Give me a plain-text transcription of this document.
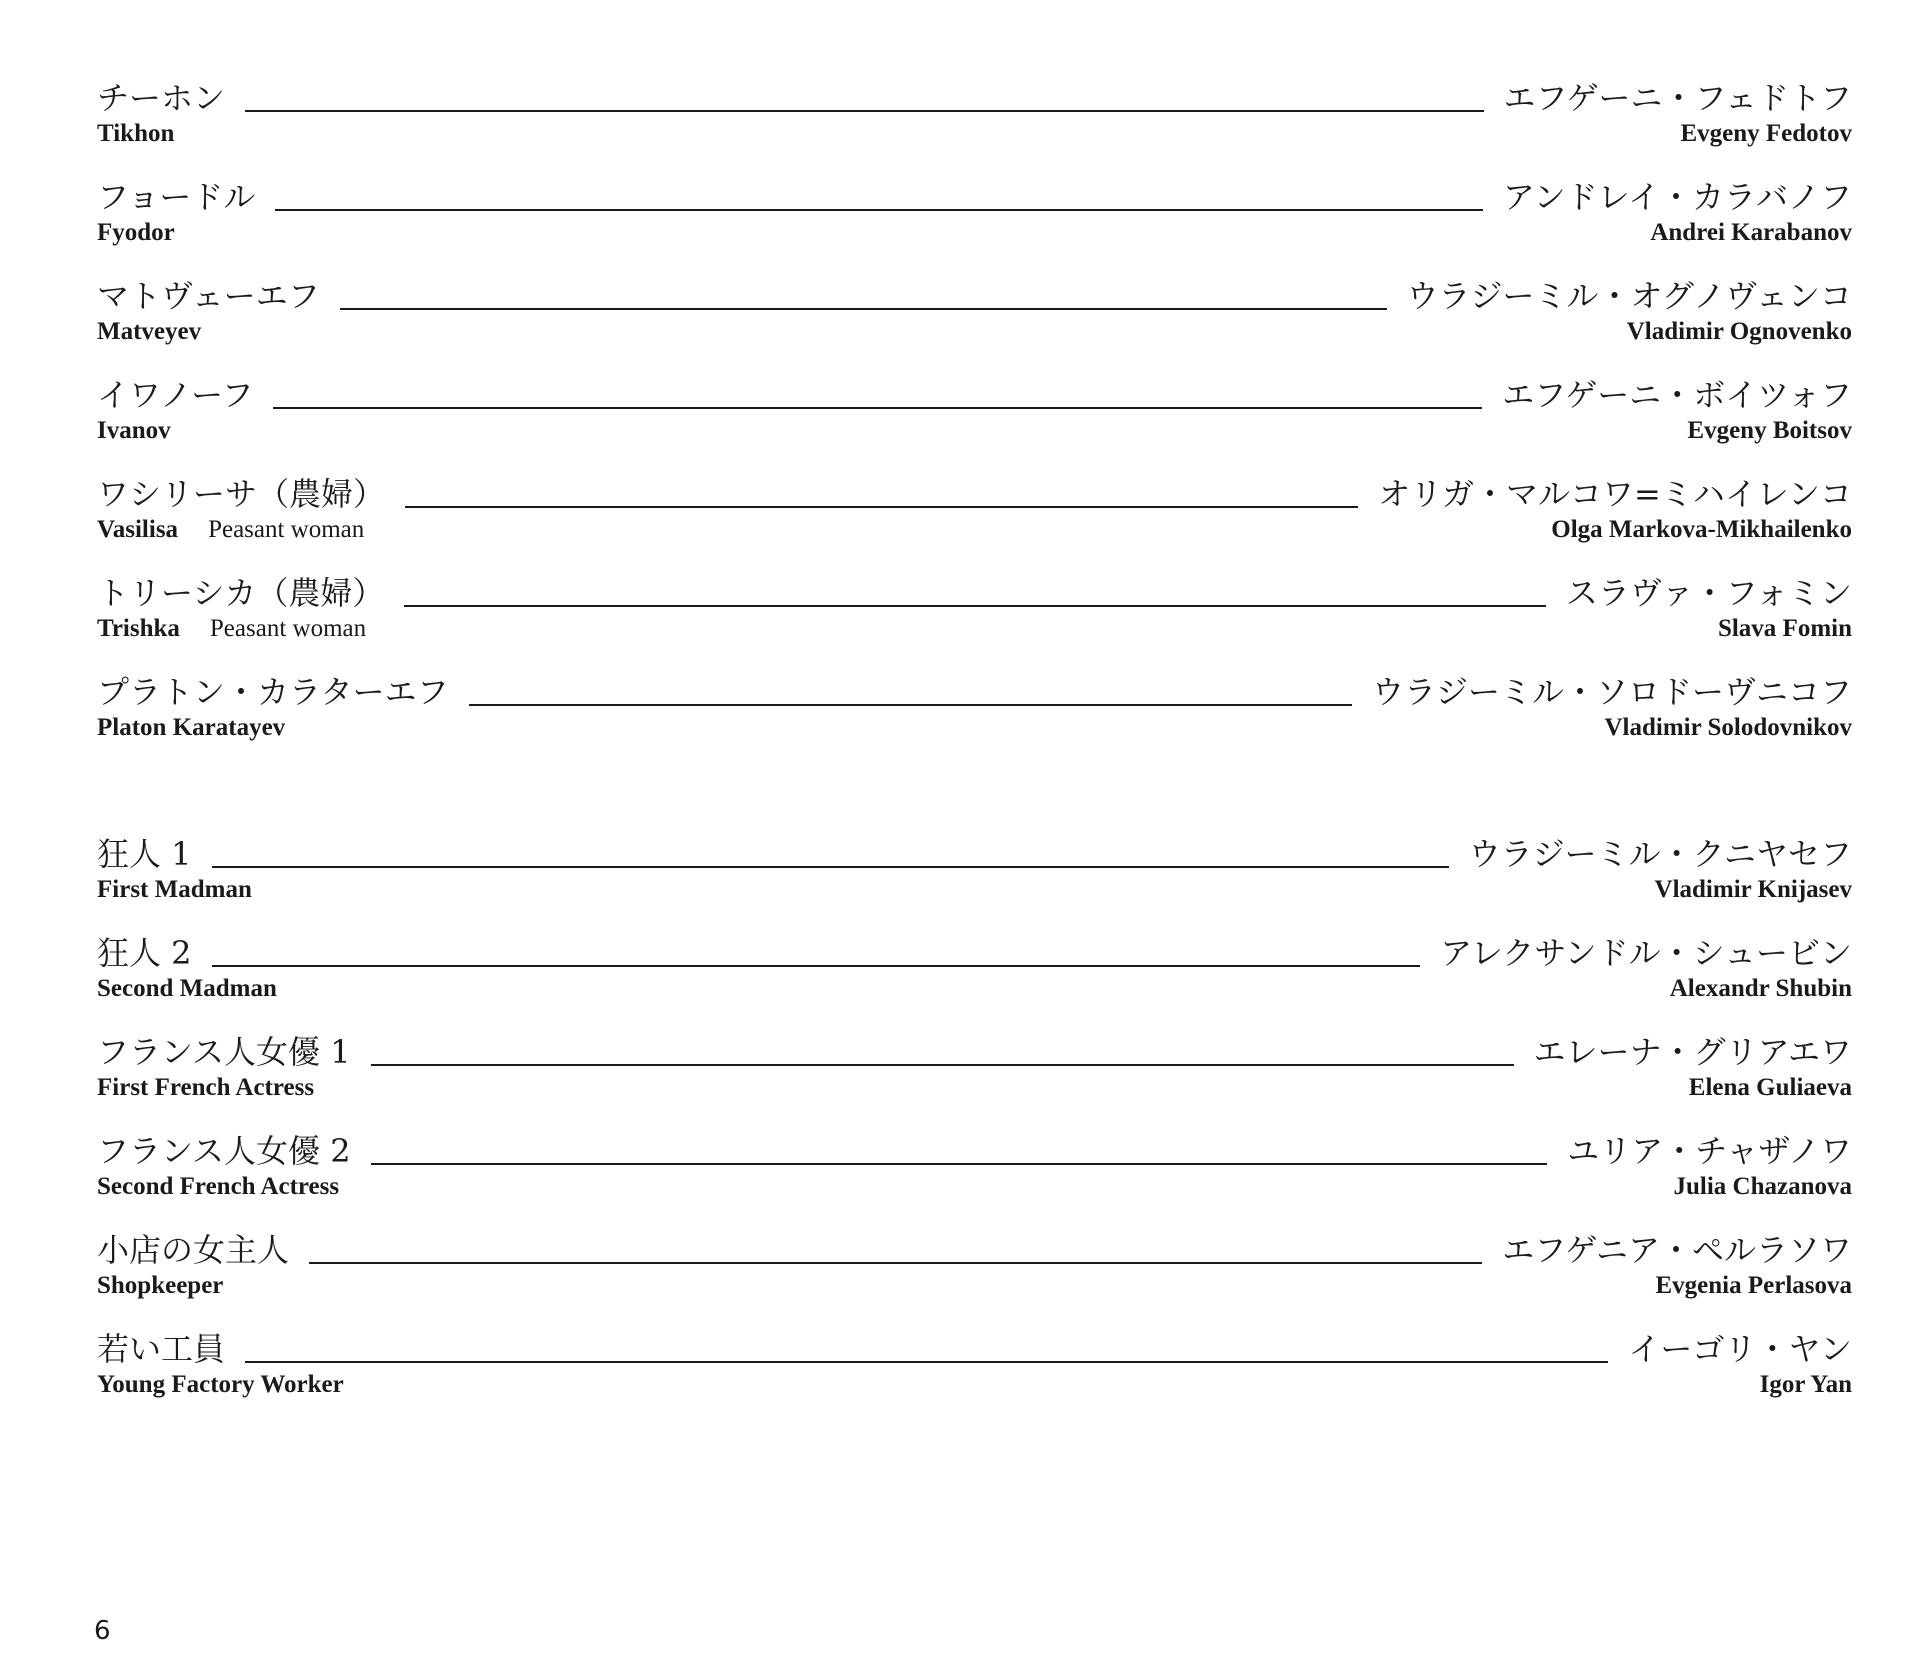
チーホン	エフゲーニ・フェドトフ
Tikhon	Evgeny Fedotov
フョードル	アンドレイ・カラバノフ
Fyodor	Andrei Karabanov
マトヴェーエフ	ウラジーミル・オグノヴェンコ
Matveyev	Vladimir Ognovenko
イワノーフ	エフゲーニ・ボイツォフ
Ivanov	Evgeny Boitsov
ワシリーサ（農婦）	オリガ・マルコワ=ミハイレンコ
Vasilisa Peasant woman	Olga Markova-Mikhailenko
トリーシカ（農婦）	スラヴァ・フォミン
Trishka Peasant woman	Slava Fomin
プラトン・カラターエフ	ウラジーミル・ソロドーヴニコフ
Platon Karatayev	Vladimir Solodovnikov
狂人 1	ウラジーミル・クニヤセフ
First Madman	Vladimir Knijasev
狂人 2	アレクサンドル・シュービン
Second Madman	Alexandr Shubin
フランス人女優 1	エレーナ・グリアエワ
First French Actress	Elena Guliaeva
フランス人女優 2	ユリア・チャザノワ
Second French Actress	Julia Chazanova
小店の女主人	エフゲニア・ペルラソワ
Shopkeeper	Evgenia Perlasova
若い工員	イーゴリ・ヤン
Young Factory Worker	Igor Yan
6
